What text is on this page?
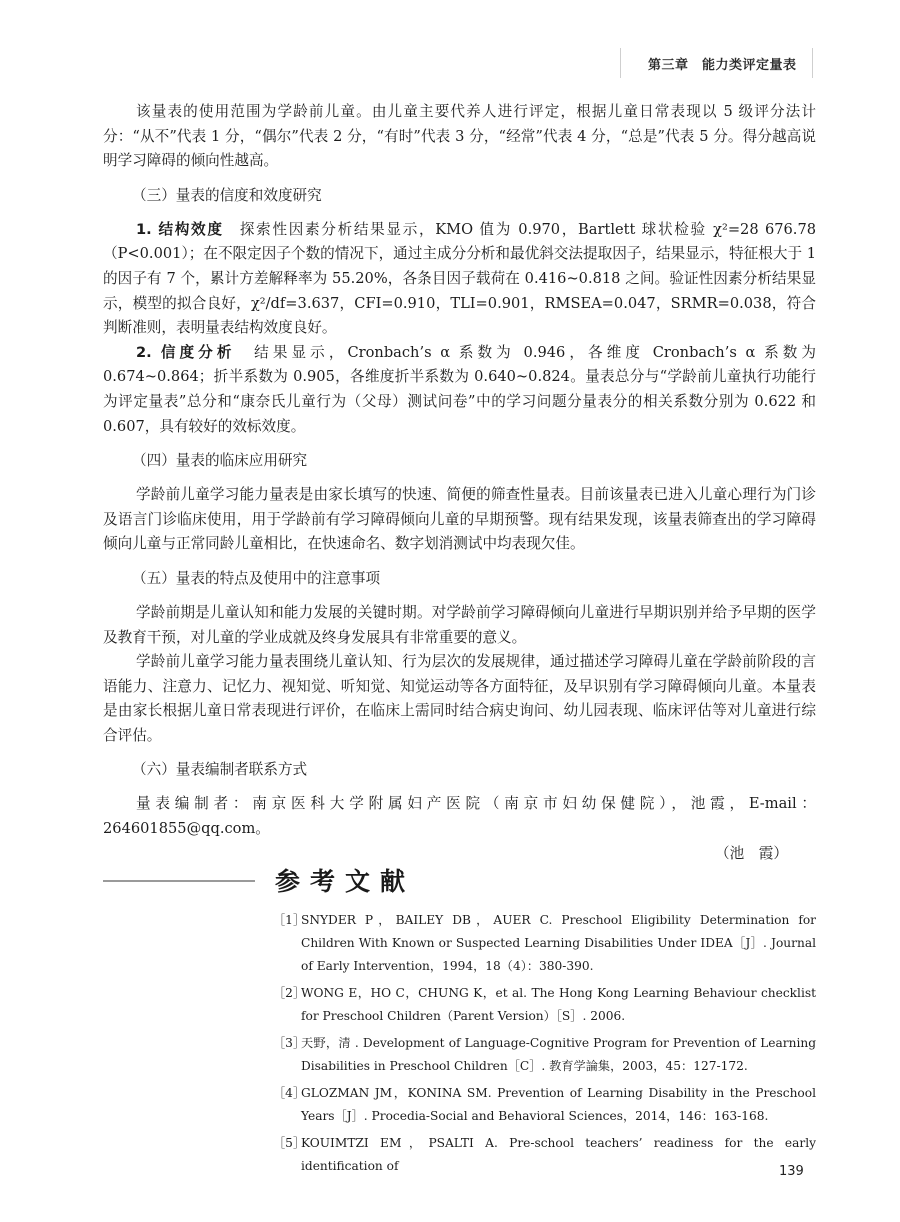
第三章　能力类评定量表

该量表的使用范围为学龄前儿童。由儿童主要代养人进行评定，根据儿童日常表现以 5 级评分法计分：“从不”代表 1 分，“偶尔”代表 2 分，“有时”代表 3 分，“经常”代表 4 分，“总是”代表 5 分。得分越高说明学习障碍的倾向性越高。

（三）量表的信度和效度研究

1. 结构效度　探索性因素分析结果显示，KMO 值为 0.970，Bartlett 球状检验 χ²=28 676.78（P<0.001）；在不限定因子个数的情况下，通过主成分分析和最优斜交法提取因子，结果显示，特征根大于 1 的因子有 7 个，累计方差解释率为 55.20%，各条目因子载荷在 0.416~0.818 之间。验证性因素分析结果显示，模型的拟合良好，χ²/df=3.637，CFI=0.910，TLI=0.901，RMSEA=0.047，SRMR=0.038，符合判断准则，表明量表结构效度良好。

2. 信度分析　结果显示，Cronbach’s α 系数为 0.946，各维度 Cronbach’s α 系数为 0.674~0.864；折半系数为 0.905，各维度折半系数为 0.640~0.824。量表总分与“学龄前儿童执行功能行为评定量表”总分和“康奈氏儿童行为（父母）测试问卷”中的学习问题分量表分的相关系数分别为 0.622 和 0.607，具有较好的效标效度。

（四）量表的临床应用研究

学龄前儿童学习能力量表是由家长填写的快速、简便的筛查性量表。目前该量表已进入儿童心理行为门诊及语言门诊临床使用，用于学龄前有学习障碍倾向儿童的早期预警。现有结果发现，该量表筛查出的学习障碍倾向儿童与正常同龄儿童相比，在快速命名、数字划消测试中均表现欠佳。

（五）量表的特点及使用中的注意事项

学龄前期是儿童认知和能力发展的关键时期。对学龄前学习障碍倾向儿童进行早期识别并给予早期的医学及教育干预，对儿童的学业成就及终身发展具有非常重要的意义。

学龄前儿童学习能力量表围绕儿童认知、行为层次的发展规律，通过描述学习障碍儿童在学龄前阶段的言语能力、注意力、记忆力、视知觉、听知觉、知觉运动等各方面特征，及早识别有学习障碍倾向儿童。本量表是由家长根据儿童日常表现进行评价，在临床上需同时结合病史询问、幼儿园表现、临床评估等对儿童进行综合评估。

（六）量表编制者联系方式

量表编制者：南京医科大学附属妇产医院（南京市妇幼保健院），池霞，E-mail：264601855@qq.com。

（池　霞）

参考文献
［1］
SNYDER P，BAILEY DB，AUER C. Preschool Eligibility Determination for Children With Known or Suspected Learning Disabilities Under IDEA［J］. Journal of Early Intervention，1994，18（4）：380-390.
［2］
WONG E，HO C，CHUNG K，et al. The Hong Kong Learning Behaviour checklist for Preschool Children（Parent Version）［S］. 2006.
［3］
天野，清 . Development of Language-Cognitive Program for Prevention of Learning Disabilities in Preschool Children［C］. 教育学論集，2003，45：127-172.
［4］
GLOZMAN JM，KONINA SM. Prevention of Learning Disability in the Preschool Years［J］. Procedia-Social and Behavioral Sciences，2014，146：163-168.
［5］
KOUIMTZI EM，PSALTI A. Pre-school teachers’ readiness for the early identification of	139
